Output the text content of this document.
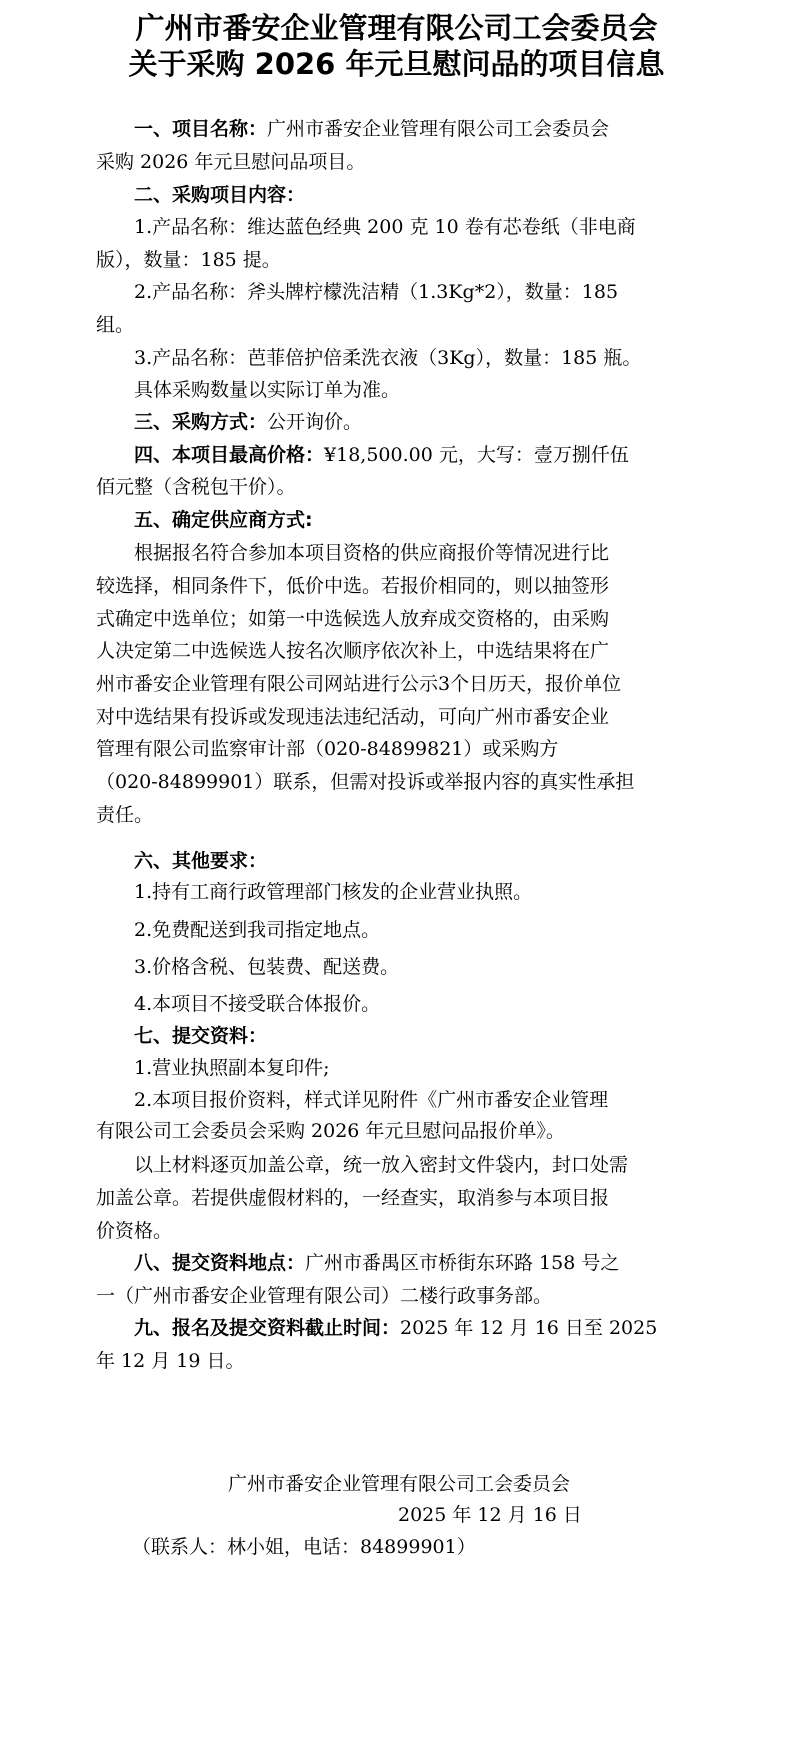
广州市番安企业管理有限公司工会委员会
关于采购 2026 年元旦慰问品的项目信息
一、项目名称：广州市番安企业管理有限公司工会委员会
采购 2026 年元旦慰问品项目。
二、采购项目内容：
1.产品名称：维达蓝色经典 200 克 10 卷有芯卷纸（非电商
版），数量：185 提。
2.产品名称：斧头牌柠檬洗洁精（1.3Kg*2），数量：185
组。
3.产品名称：芭菲倍护倍柔洗衣液（3Kg），数量：185 瓶。
具体采购数量以实际订单为准。
三、采购方式：公开询价。
四、本项目最高价格：¥18,500.00 元，大写：壹万捌仟伍
佰元整（含税包干价）。
五、确定供应商方式:
根据报名符合参加本项目资格的供应商报价等情况进行比
较选择，相同条件下，低价中选。若报价相同的，则以抽签形
式确定中选单位；如第一中选候选人放弃成交资格的，由采购
人决定第二中选候选人按名次顺序依次补上，中选结果将在广
州市番安企业管理有限公司网站进行公示3个日历天，报价单位
对中选结果有投诉或发现违法违纪活动，可向广州市番安企业
管理有限公司监察审计部（020-84899821）或采购方
（020-84899901）联系，但需对投诉或举报内容的真实性承担
责任。
六、其他要求：
1.持有工商行政管理部门核发的企业营业执照。
2.免费配送到我司指定地点。
3.价格含税、包装费、配送费。
4.本项目不接受联合体报价。
七、提交资料：
1.营业执照副本复印件;
2.本项目报价资料，样式详见附件《广州市番安企业管理
有限公司工会委员会采购 2026 年元旦慰问品报价单》。
以上材料逐页加盖公章，统一放入密封文件袋内，封口处需
加盖公章。若提供虚假材料的，一经查实，取消参与本项目报
价资格。
八、提交资料地点：广州市番禺区市桥街东环路 158 号之
一（广州市番安企业管理有限公司）二楼行政事务部。
九、报名及提交资料截止时间：2025 年 12 月 16 日至 2025
年 12 月 19 日。
广州市番安企业管理有限公司工会委员会
2025 年 12 月 16 日
（联系人：林小姐，电话：84899901）
